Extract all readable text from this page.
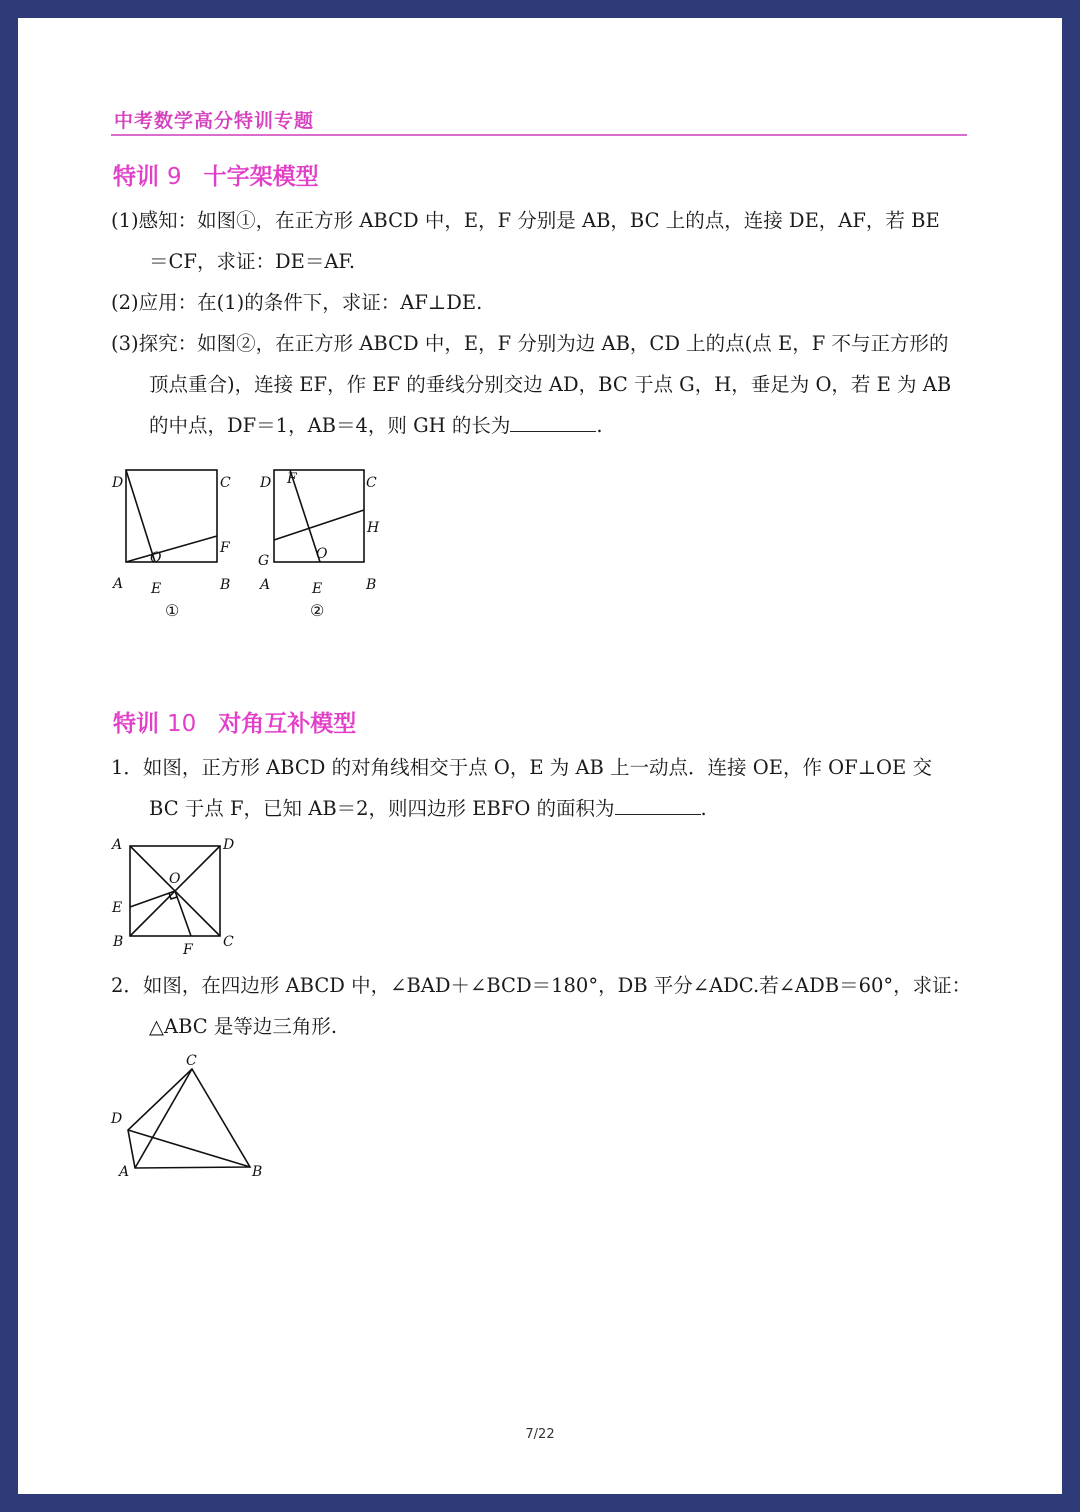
中考数学高分特训专题
特训 9 十字架模型
(1)感知：如图①，在正方形 ABCD 中，E，F 分别是 AB，BC 上的点，连接 DE，AF，若 BE
＝CF，求证：DE＝AF.
(2)应用：在(1)的条件下，求证：AF⊥DE.
(3)探究：如图②，在正方形 ABCD 中，E，F 分别为边 AB，CD 上的点(点 E，F 不与正方形的
顶点重合)，连接 EF，作 EF 的垂线分别交边 AD，BC 于点 G，H，垂足为 O，若 E 为 AB
的中点，DF＝1，AB＝4，则 GH 的长为	.
D	C
F
O
A E	B
①
D F	C
H
G	O
A	E	B
②
特训 10 对角互补模型
1．如图，正方形 ABCD 的对角线相交于点 O，E 为 AB 上一动点．连接 OE，作 OF⊥OE 交
BC 于点 F，已知 AB＝2，则四边形 EBFO 的面积为	.
A	D
O
E
B	F C
2．如图，在四边形 ABCD 中，∠BAD＋∠BCD＝180°，DB 平分∠ADC.若∠ADB＝60°，求证：
△ABC 是等边三角形.
C
D
A	B
7/22
